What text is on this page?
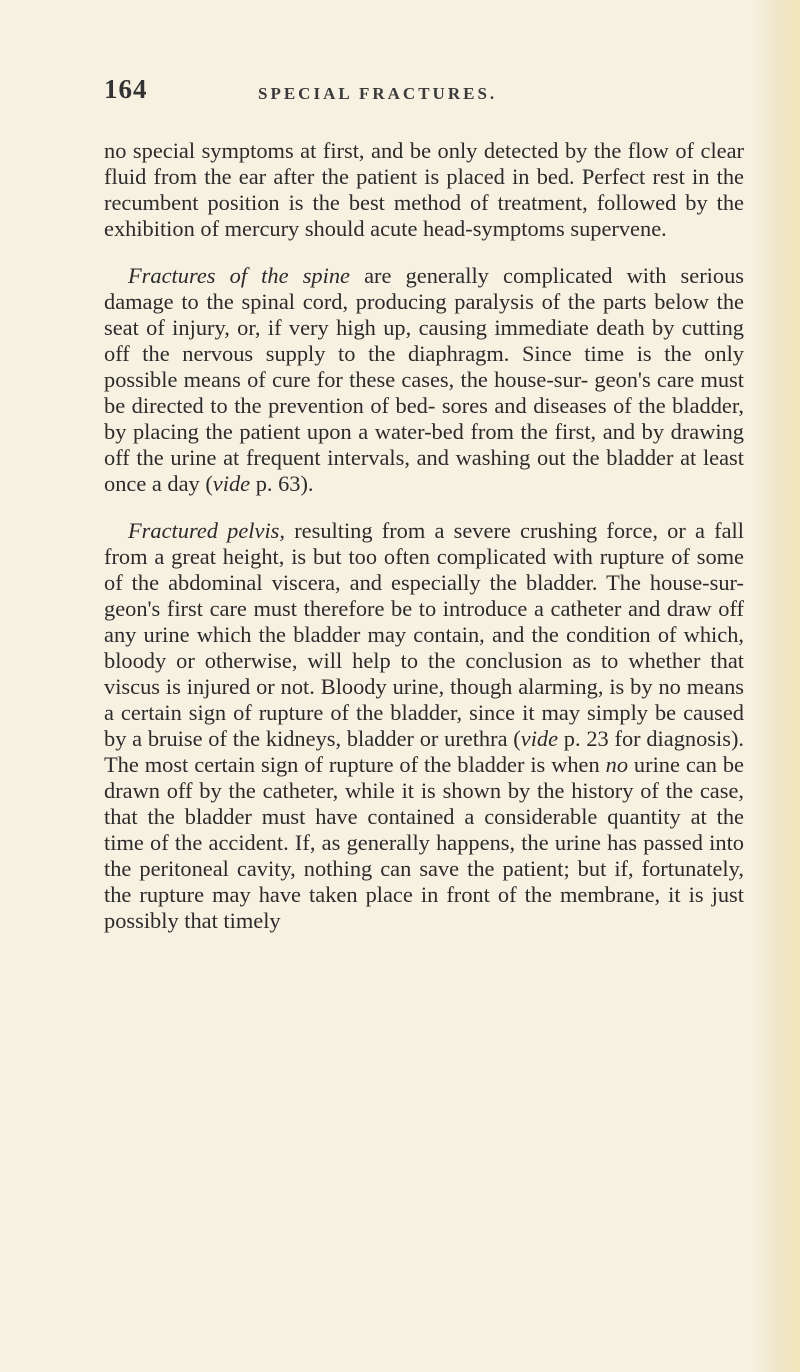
164	SPECIAL FRACTURES.

no special symptoms at first, and be only detected by the flow of clear fluid from the ear after the patient is placed in bed. Perfect rest in the recumbent position is the best method of treatment, followed by the exhibition of mercury should acute head-symptoms supervene.

Fractures of the spine are generally complicated with serious damage to the spinal cord, producing paralysis of the parts below the seat of injury, or, if very high up, causing immediate death by cutting off the nervous supply to the diaphragm. Since time is the only possible means of cure for these cases, the house-sur- geon's care must be directed to the prevention of bed- sores and diseases of the bladder, by placing the patient upon a water-bed from the first, and by drawing off the urine at frequent intervals, and washing out the bladder at least once a day (vide p. 63).

Fractured pelvis, resulting from a severe crushing force, or a fall from a great height, is but too often complicated with rupture of some of the abdominal viscera, and especially the bladder. The house-sur- geon's first care must therefore be to introduce a catheter and draw off any urine which the bladder may contain, and the condition of which, bloody or otherwise, will help to the conclusion as to whether that viscus is injured or not. Bloody urine, though alarming, is by no means a certain sign of rupture of the bladder, since it may simply be caused by a bruise of the kidneys, bladder or urethra (vide p. 23 for diagnosis). The most certain sign of rupture of the bladder is when no urine can be drawn off by the catheter, while it is shown by the history of the case, that the bladder must have contained a considerable quantity at the time of the accident. If, as generally happens, the urine has passed into the peritoneal cavity, nothing can save the patient; but if, fortunately, the rupture may have taken place in front of the membrane, it is just possibly that timely
